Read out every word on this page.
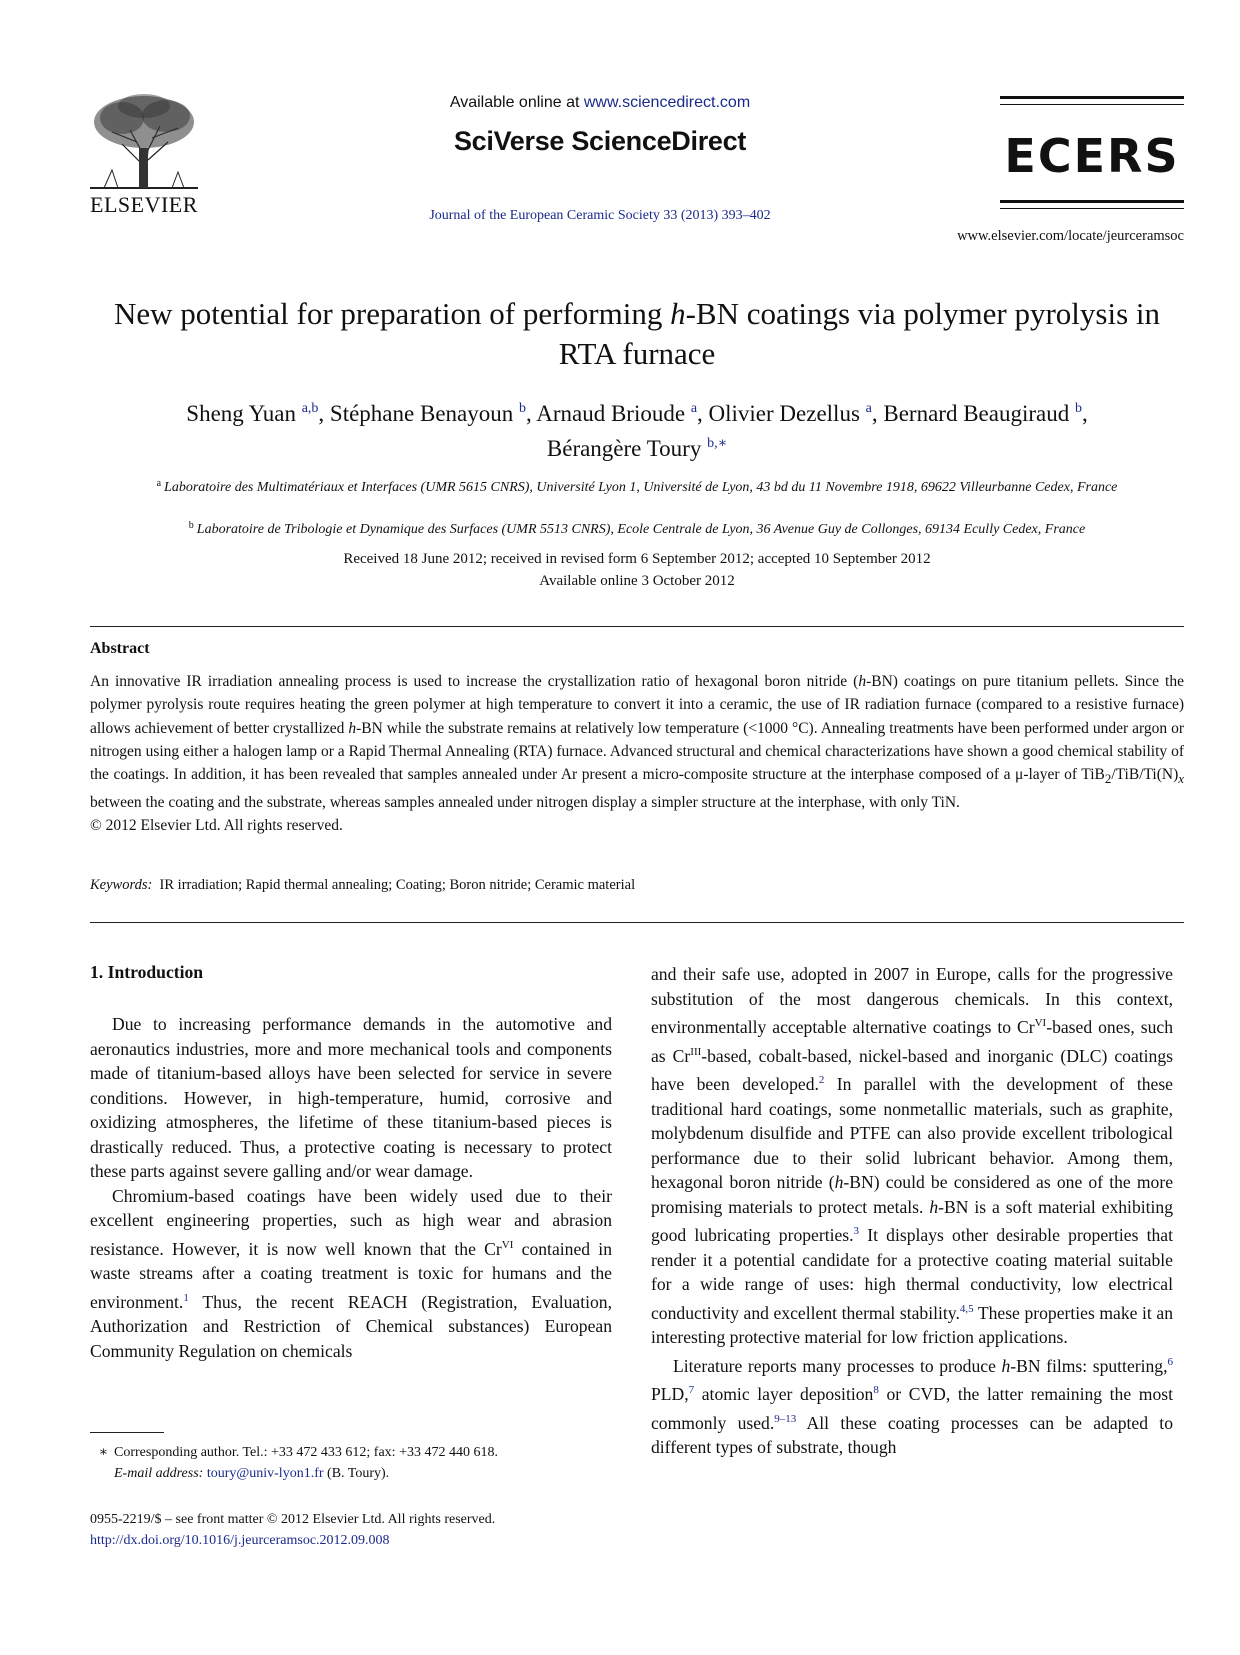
ELSEVIER
Available online at www.sciencedirect.com
SciVerse ScienceDirect
Journal of the European Ceramic Society 33 (2013) 393–402
ECERS
www.elsevier.com/locate/jeurceramsoc
New potential for preparation of performing h-BN coatings via polymer pyrolysis in RTA furnace
Sheng Yuan $^{a,b}$, Stéphane Benayoun $^b$, Arnaud Brioude $^a$, Olivier Dezellus $^a$, Bernard Beaugiraud $^b$,
Bérangère Toury $^{b,∗}$
$^a$ Laboratoire des Multimatériaux et Interfaces (UMR 5615 CNRS), Université Lyon 1, Université de Lyon, 43 bd du 11 Novembre 1918, 69622 Villeurbanne Cedex, France
$^b$ Laboratoire de Tribologie et Dynamique des Surfaces (UMR 5513 CNRS), Ecole Centrale de Lyon, 36 Avenue Guy de Collonges, 69134 Ecully Cedex, France
Received 18 June 2012; received in revised form 6 September 2012; accepted 10 September 2012
Available online 3 October 2012
Abstract
An innovative IR irradiation annealing process is used to increase the crystallization ratio of hexagonal boron nitride (h-BN) coatings on pure titanium pellets. Since the polymer pyrolysis route requires heating the green polymer at high temperature to convert it into a ceramic, the use of IR radiation furnace (compared to a resistive furnace) allows achievement of better crystallized h-BN while the substrate remains at relatively low temperature (<1000 °C). Annealing treatments have been performed under argon or nitrogen using either a halogen lamp or a Rapid Thermal Annealing (RTA) furnace. Advanced structural and chemical characterizations have shown a good chemical stability of the coatings. In addition, it has been revealed that samples annealed under Ar present a micro-composite structure at the interphase composed of a μ-layer of $TiB_2/TiB/Ti(N)_x$ between the coating and the substrate, whereas samples annealed under nitrogen display a simpler structure at the interphase, with only TiN.
© 2012 Elsevier Ltd. All rights reserved.
Keywords: IR irradiation; Rapid thermal annealing; Coating; Boron nitride; Ceramic material
1. Introduction

Due to increasing performance demands in the automotive and aeronautics industries, more and more mechanical tools and components made of titanium-based alloys have been selected for service in severe conditions. However, in high-temperature, humid, corrosive and oxidizing atmospheres, the lifetime of these titanium-based pieces is drastically reduced. Thus, a protective coating is necessary to protect these parts against severe galling and/or wear damage.

Chromium-based coatings have been widely used due to their excellent engineering properties, such as high wear and abrasion resistance. However, it is now well known that the $Cr^{VI}$ contained in waste streams after a coating treatment is toxic for humans and the environment.$^1$ Thus, the recent REACH (Registration, Evaluation, Authorization and Restriction of Chemical substances) European Community Regulation on chemicals

and their safe use, adopted in 2007 in Europe, calls for the progressive substitution of the most dangerous chemicals. In this context, environmentally acceptable alternative coatings to $Cr^{VI}$-based ones, such as $Cr^{III}$-based, cobalt-based, nickel-based and inorganic (DLC) coatings have been developed.$^2$ In parallel with the development of these traditional hard coatings, some nonmetallic materials, such as graphite, molybdenum disulfide and PTFE can also provide excellent tribological performance due to their solid lubricant behavior. Among them, hexagonal boron nitride (h-BN) could be considered as one of the more promising materials to protect metals. h-BN is a soft material exhibiting good lubricating properties.$^3$ It displays other desirable properties that render it a potential candidate for a protective coating material suitable for a wide range of uses: high thermal conductivity, low electrical conductivity and excellent thermal stability.$^{4,5}$ These properties make it an interesting protective material for low friction applications.

Literature reports many processes to produce h-BN films: sputtering,$^6$ PLD,$^7$ atomic layer deposition$^8$ or CVD, the latter remaining the most commonly used.$^{9-13}$ All these coating processes can be adapted to different types of substrate, though

∗ Corresponding author. Tel.: +33 472 433 612; fax: +33 472 440 618.
E-mail address: toury@univ-lyon1.fr (B. Toury).
0955-2219/$ – see front matter © 2012 Elsevier Ltd. All rights reserved.
http://dx.doi.org/10.1016/j.jeurceramsoc.2012.09.008
